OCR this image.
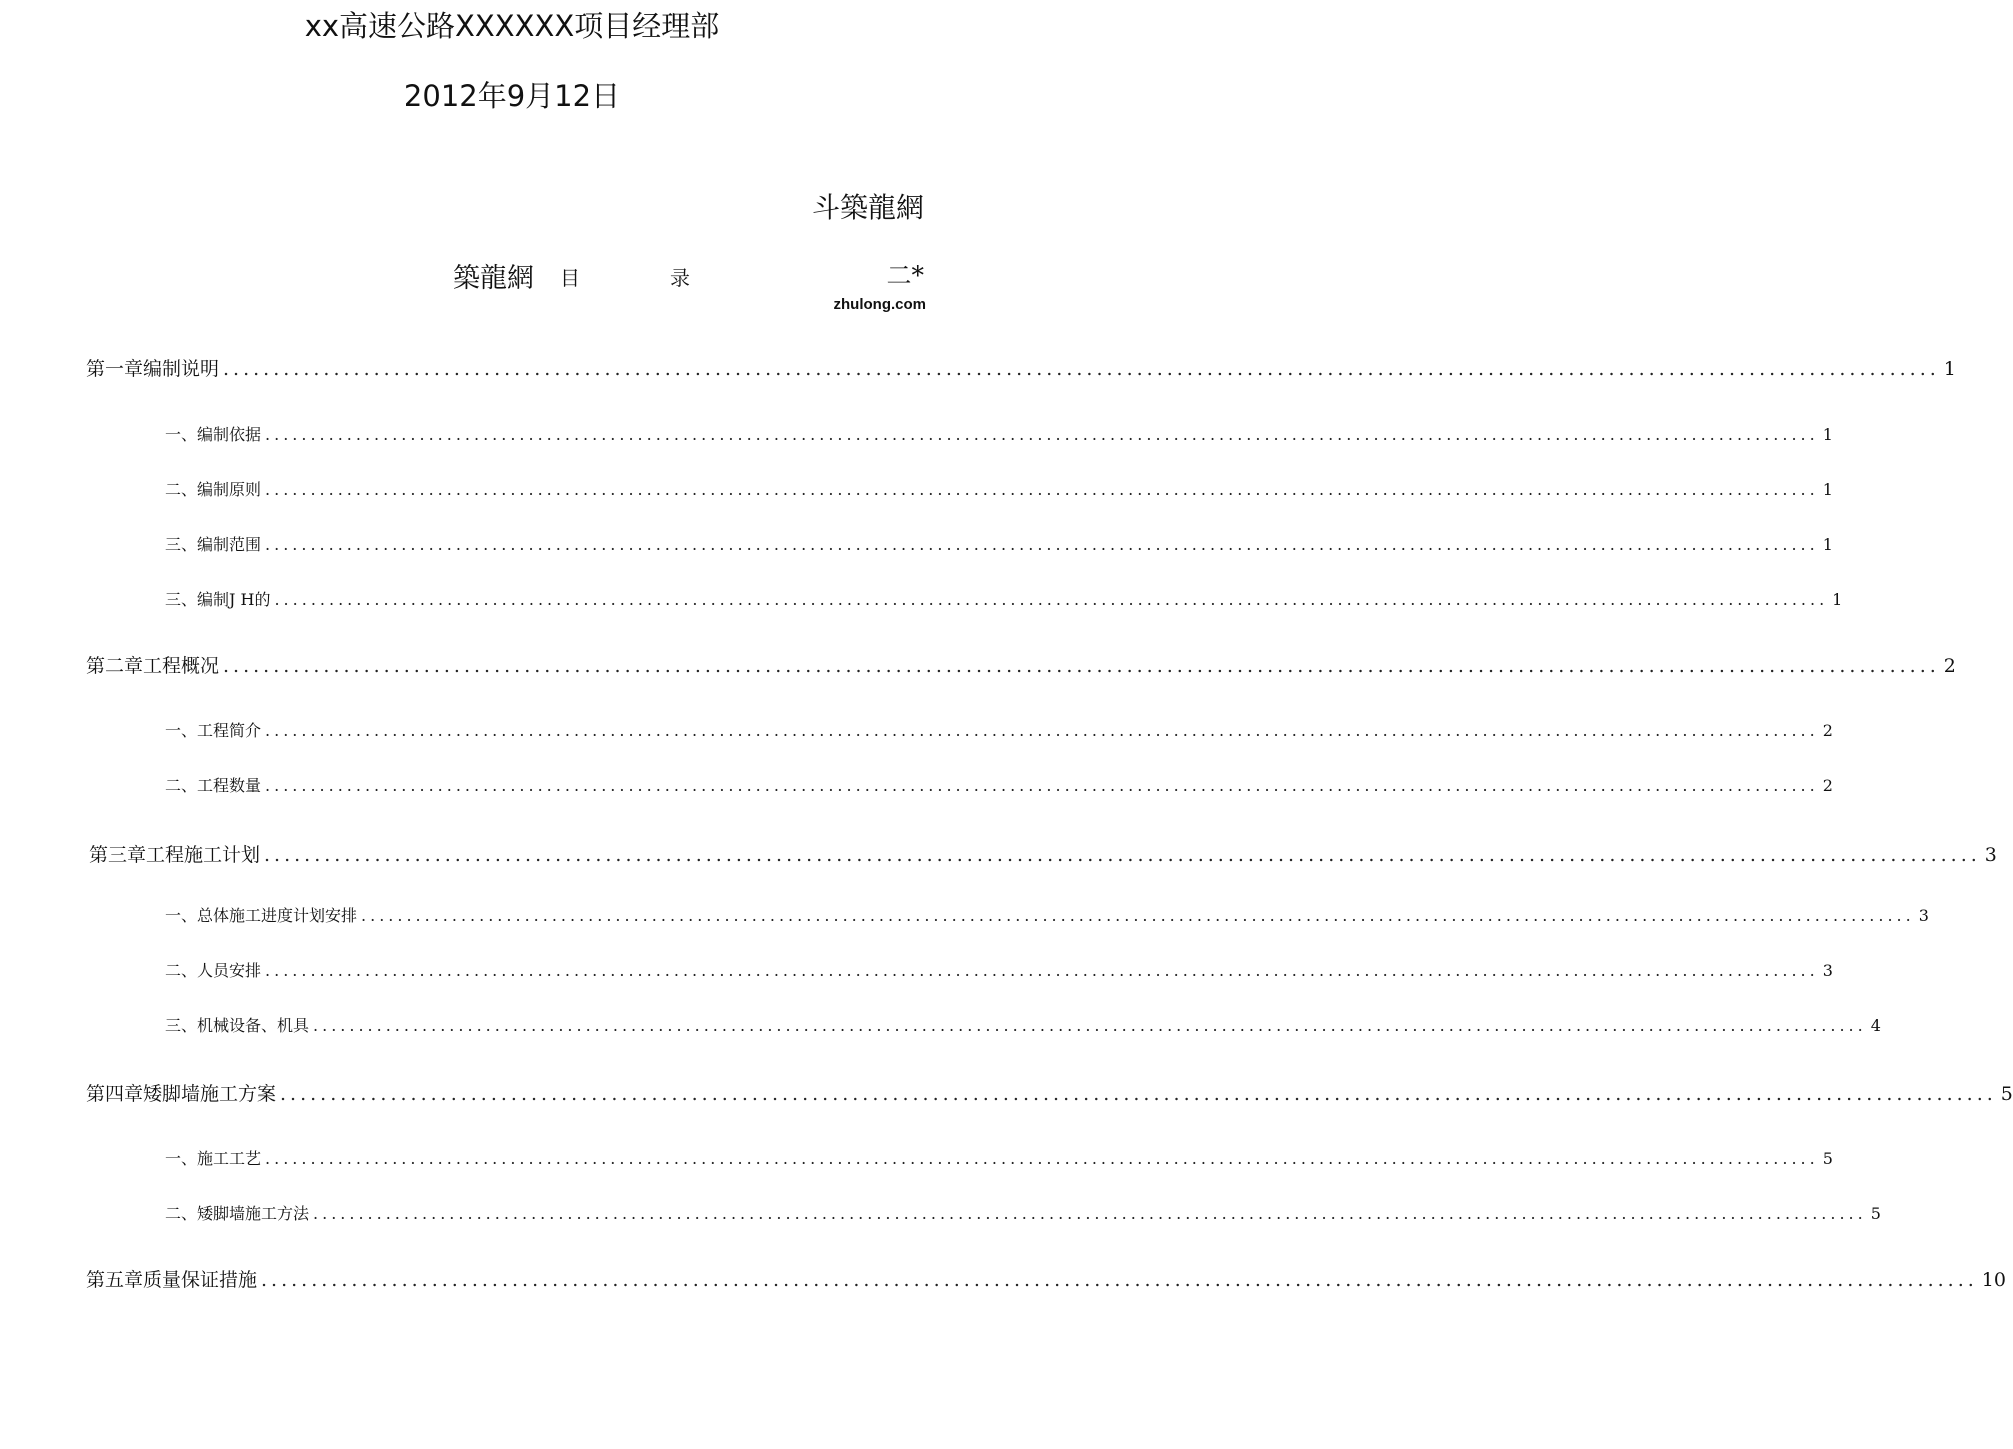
xx高速公路XXXXXX项目经理部
2012年9月12日
斗築龍網
築龍網 目	录	二*
zhulong.com
第一章编制说明 ........................................................................................................................................................................... 1
一、编制依据 ........................................................................................................................................................................... 1
二、编制原则 ........................................................................................................................................................................... 1
三、编制范围 ........................................................................................................................................................................... 1
三、编制J H的 ........................................................................................................................................................................... 1
第二章工程概况 ........................................................................................................................................................................... 2
一、工程简介 ........................................................................................................................................................................... 2
二、工程数量 ........................................................................................................................................................................... 2
第三章工程施工计划 ........................................................................................................................................................................... 3
一、总体施工进度计划安排 ........................................................................................................................................................................... 3
二、人员安排 ........................................................................................................................................................................... 3
三、机械设备、机具 ........................................................................................................................................................................... 4
第四章矮脚墙施工方案 ........................................................................................................................................................................... 5
一、施工工艺 ........................................................................................................................................................................... 5
二、矮脚墙施工方法 ........................................................................................................................................................................... 5
第五章质量保证措施 ........................................................................................................................................................................... 10
